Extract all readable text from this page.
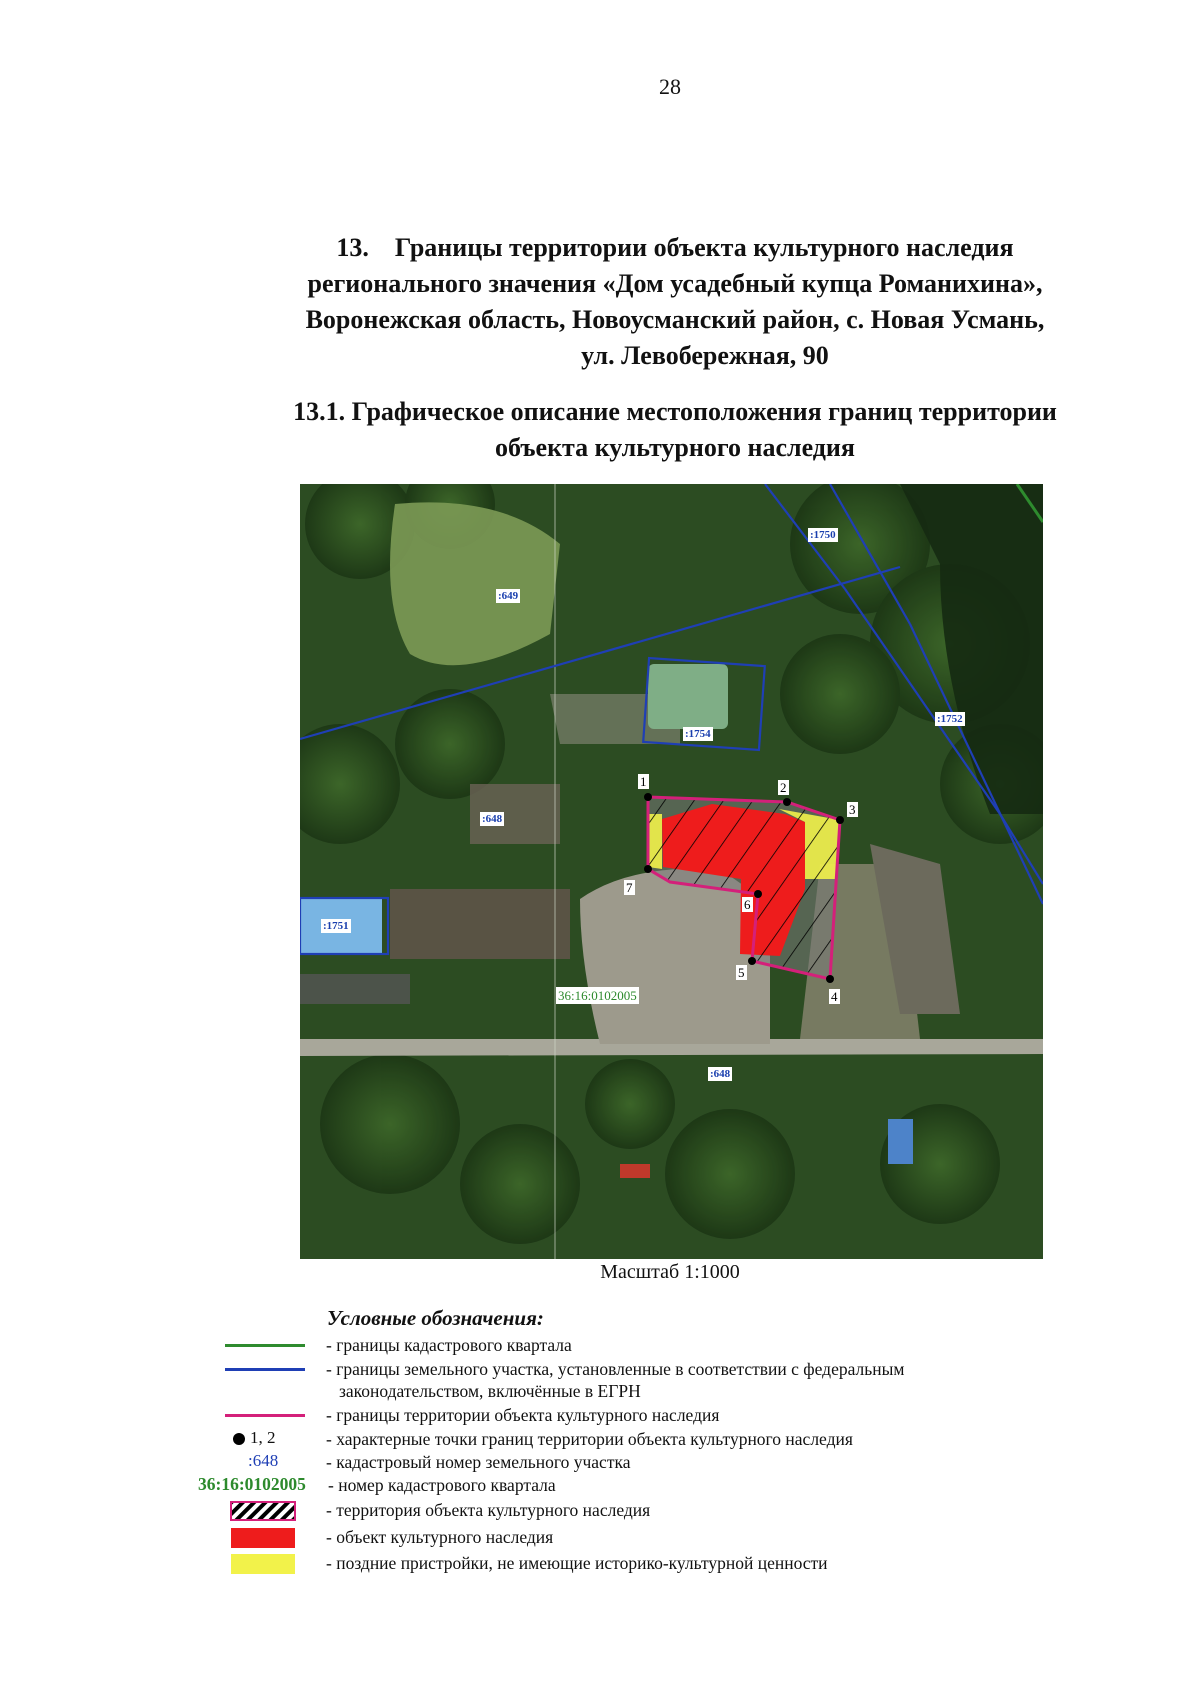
28
13.    Границы территории объекта культурного наследия
регионального значения «Дом усадебный купца Романихина»,
Воронежская область, Новоусманский район, с. Новая Усмань,
ул. Левобережная, 90
13.1. Графическое описание местоположения границ территории
объекта культурного наследия
:1750
:649
:1754
:1752
:648
:1751
:648
36:16:0102005
1	2
3
4
5
6
7
Масштаб 1:1000
Условные обозначения:
- границы кадастрового квартала
- границы земельного участка, установленные в соответствии с федеральным
законодательством, включённые в ЕГРН
- границы территории объекта культурного наследия
1, 2	- характерные точки границ территории объекта культурного наследия
:648	- кадастровый номер земельного участка
36:16:0102005 - номер кадастрового квартала
- территория объекта культурного наследия
- объект культурного наследия
- поздние пристройки, не имеющие историко-культурной ценности
